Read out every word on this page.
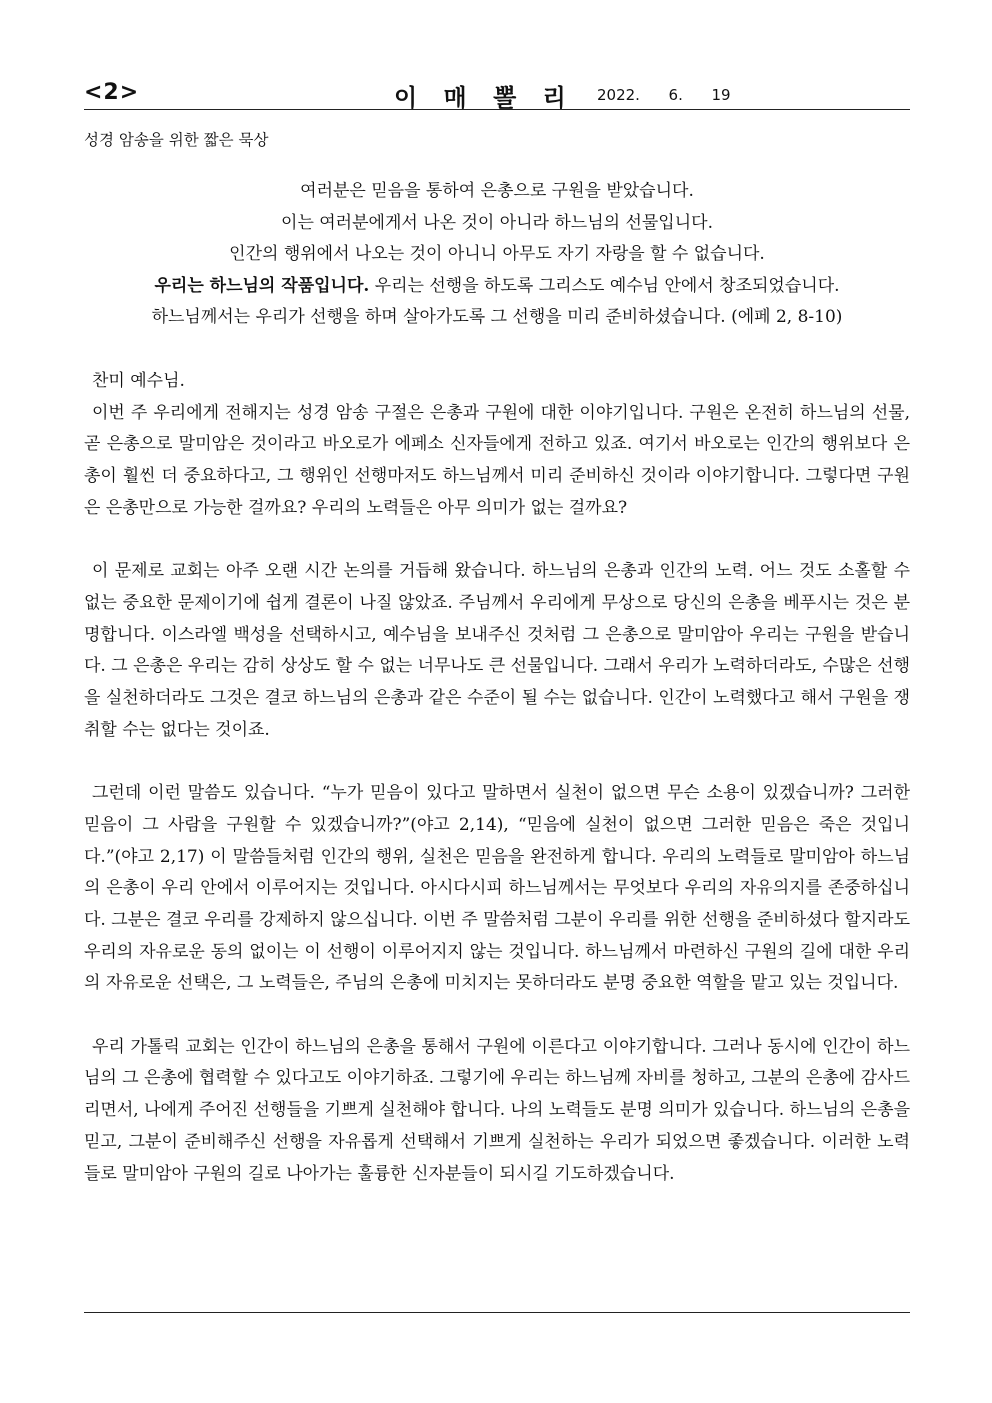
<2>	이 매 뽈 리 2022.      6.      19
성경 암송을 위한 짧은 묵상
여러분은 믿음을 통하여 은총으로 구원을 받았습니다.
이는 여러분에게서 나온 것이 아니라 하느님의 선물입니다.
인간의 행위에서 나오는 것이 아니니 아무도 자기 자랑을 할 수 없습니다.
우리는 하느님의 작품입니다. 우리는 선행을 하도록 그리스도 예수님 안에서 창조되었습니다.
하느님께서는 우리가 선행을 하며 살아가도록 그 선행을 미리 준비하셨습니다. (에페 2, 8-10)

찬미 예수님.

이번 주 우리에게 전해지는 성경 암송 구절은 은총과 구원에 대한 이야기입니다. 구원은 온전히 하느님의 선물, 곧 은총으로 말미암은 것이라고 바오로가 에페소 신자들에게 전하고 있죠. 여기서 바오로는 인간의 행위보다 은총이 훨씬 더 중요하다고, 그 행위인 선행마저도 하느님께서 미리 준비하신 것이라 이야기합니다. 그렇다면 구원은 은총만으로 가능한 걸까요? 우리의 노력들은 아무 의미가 없는 걸까요?

이 문제로 교회는 아주 오랜 시간 논의를 거듭해 왔습니다. 하느님의 은총과 인간의 노력. 어느 것도 소홀할 수 없는 중요한 문제이기에 쉽게 결론이 나질 않았죠. 주님께서 우리에게 무상으로 당신의 은총을 베푸시는 것은 분명합니다. 이스라엘 백성을 선택하시고, 예수님을 보내주신 것처럼 그 은총으로 말미암아 우리는 구원을 받습니다. 그 은총은 우리는 감히 상상도 할 수 없는 너무나도 큰 선물입니다. 그래서 우리가 노력하더라도, 수많은 선행을 실천하더라도 그것은 결코 하느님의 은총과 같은 수준이 될 수는 없습니다. 인간이 노력했다고 해서 구원을 쟁취할 수는 없다는 것이죠.

그런데 이런 말씀도 있습니다. “누가 믿음이 있다고 말하면서 실천이 없으면 무슨 소용이 있겠습니까? 그러한 믿음이 그 사람을 구원할 수 있겠습니까?”(야고 2,14), “믿음에 실천이 없으면 그러한 믿음은 죽은 것입니다.”(야고 2,17) 이 말씀들처럼 인간의 행위, 실천은 믿음을 완전하게 합니다. 우리의 노력들로 말미암아 하느님의 은총이 우리 안에서 이루어지는 것입니다. 아시다시피 하느님께서는 무엇보다 우리의 자유의지를 존중하십니다. 그분은 결코 우리를 강제하지 않으십니다. 이번 주 말씀처럼 그분이 우리를 위한 선행을 준비하셨다 할지라도 우리의 자유로운 동의 없이는 이 선행이 이루어지지 않는 것입니다. 하느님께서 마련하신 구원의 길에 대한 우리의 자유로운 선택은, 그 노력들은, 주님의 은총에 미치지는 못하더라도 분명 중요한 역할을 맡고 있는 것입니다.

우리 가톨릭 교회는 인간이 하느님의 은총을 통해서 구원에 이른다고 이야기합니다. 그러나 동시에 인간이 하느님의 그 은총에 협력할 수 있다고도 이야기하죠. 그렇기에 우리는 하느님께 자비를 청하고, 그분의 은총에 감사드리면서, 나에게 주어진 선행들을 기쁘게 실천해야 합니다. 나의 노력들도 분명 의미가 있습니다. 하느님의 은총을 믿고, 그분이 준비해주신 선행을 자유롭게 선택해서 기쁘게 실천하는 우리가 되었으면 좋겠습니다. 이러한 노력들로 말미암아 구원의 길로 나아가는 훌륭한 신자분들이 되시길 기도하겠습니다.
